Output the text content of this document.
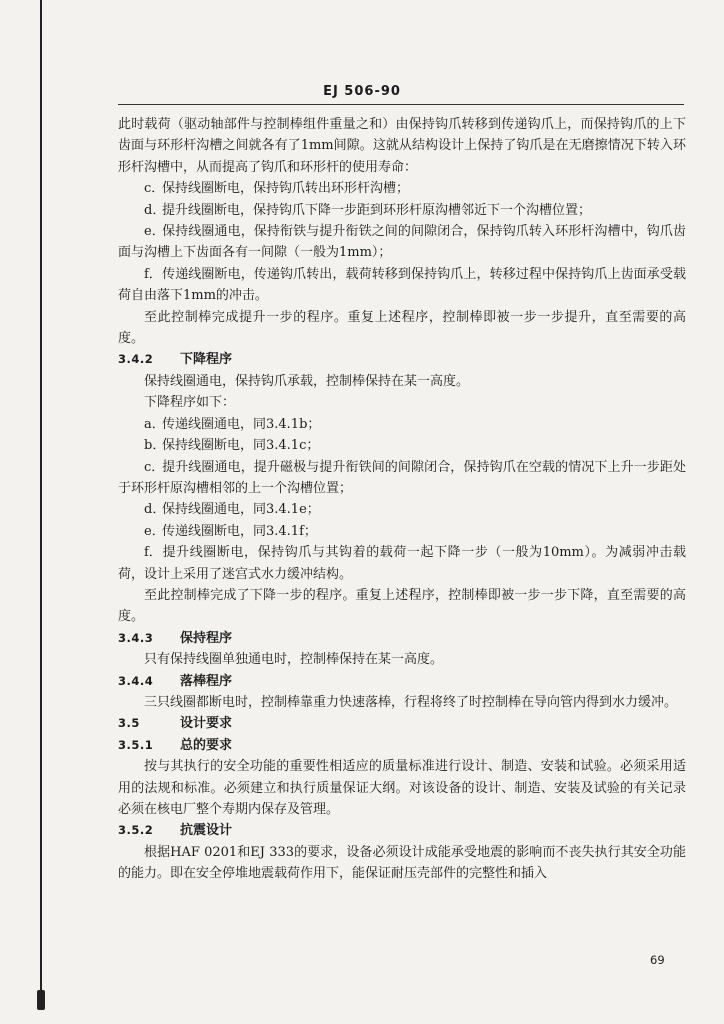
EJ 506-90
此时载荷（驱动轴部件与控制棒组件重量之和）由保持钩爪转移到传递钩爪上，而保持钩爪的上下齿面与环形杆沟槽之间就各有了1mm间隙。这就从结构设计上保持了钩爪是在无磨擦情况下转入环形杆沟槽中，从而提高了钩爪和环形杆的使用寿命：
c．保持线圈断电，保持钩爪转出环形杆沟槽；
d．提升线圈断电，保持钩爪下降一步距到环形杆原沟槽邻近下一个沟槽位置；
e．保持线圈通电，保持衔铁与提升衔铁之间的间隙闭合，保持钩爪转入环形杆沟槽中，钩爪齿面与沟槽上下齿面各有一间隙（一般为1mm）；
f．传递线圈断电，传递钩爪转出，载荷转移到保持钩爪上，转移过程中保持钩爪上齿面承受载荷自由落下1mm的冲击。
至此控制棒完成提升一步的程序。重复上述程序，控制棒即被一步一步提升，直至需要的高度。
3.4.2 下降程序
保持线圈通电，保持钩爪承载，控制棒保持在某一高度。
下降程序如下：
a．传递线圈通电，同3.4.1b；
b．保持线圈断电，同3.4.1c；
c．提升线圈通电，提升磁极与提升衔铁间的间隙闭合，保持钩爪在空载的情况下上升一步距处于环形杆原沟槽相邻的上一个沟槽位置；
d．保持线圈通电，同3.4.1e；
e．传递线圈断电，同3.4.1f；
f．提升线圈断电，保持钩爪与其钩着的载荷一起下降一步（一般为10mm）。为减弱冲击载荷，设计上采用了迷宫式水力缓冲结构。
至此控制棒完成了下降一步的程序。重复上述程序，控制棒即被一步一步下降，直至需要的高度。
3.4.3 保持程序
只有保持线圈单独通电时，控制棒保持在某一高度。
3.4.4 落棒程序
三只线圈都断电时，控制棒靠重力快速落棒，行程将终了时控制棒在导向管内得到水力缓冲。
3.5	设计要求
3.5.1 总的要求
按与其执行的安全功能的重要性相适应的质量标准进行设计、制造、安装和试验。必须采用适用的法规和标准。必须建立和执行质量保证大纲。对该设备的设计、制造、安装及试验的有关记录必须在核电厂整个寿期内保存及管理。
3.5.2 抗震设计
根据HAF 0201和EJ 333的要求，设备必须设计成能承受地震的影响而不丧失执行其安全功能的能力。即在安全停堆地震载荷作用下，能保证耐压壳部件的完整性和插入
69
